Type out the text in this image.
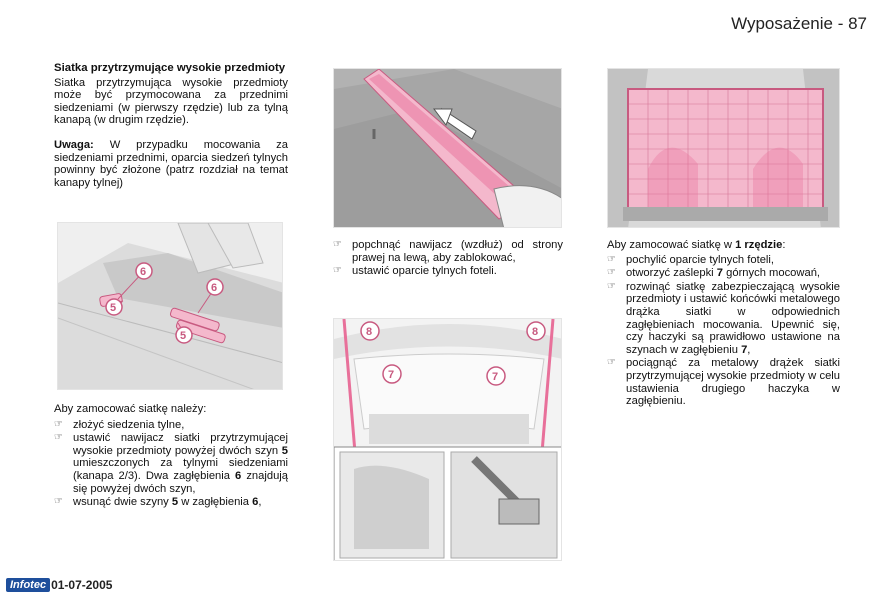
Wyposażenie - 87
Siatka przytrzymujące wysokie przedmioty

Siatka przytrzymująca wysokie przedmioty może być przymocowana za przednimi siedzeniami (w pierwszy rzędzie) lub za tylną kanapą (w drugim rzędzie).

Uwaga: W przypadku mocowania za siedzeniami przednimi, oparcia siedzeń tylnych powinny być złożone (patrz rozdział na temat kanapy tylnej)

6
6
5
5

Aby zamocować siatkę należy:

☞ złożyć siedzenia tylne,
☞ ustawić nawijacz siatki przytrzymującej wysokie przedmioty powyżej dwóch szyn 5 umieszczonych za tylnymi siedzeniami (kanapa 2/3). Dwa zagłębienia 6 znajdują się powyżej dwóch szyn,
☞ wsunąć dwie szyny 5 w zagłębienia 6,
☞ popchnąć nawijacz (wzdłuż) od strony prawej na lewą, aby zablokować,
☞ ustawić oparcie tylnych foteli.
8	8
7	7

Aby zamocować siatkę w 1 rzędzie:

☞ pochylić oparcie tylnych foteli,
☞ otworzyć zaślepki 7 górnych mocowań,
☞ rozwinąć siatkę zabezpieczającą wysokie przedmioty i ustawić końcówki metalowego drążka siatki w odpowiednich zagłębieniach mocowania. Upewnić się, czy haczyki są prawidłowo ustawione na szynach w zagłębieniu 7,
☞ pociągnąć za metalowy drążek siatki przytrzymującej wysokie przedmioty w celu ustawienia drugiego haczyka w zagłębieniu.
Infotec 01-07-2005
